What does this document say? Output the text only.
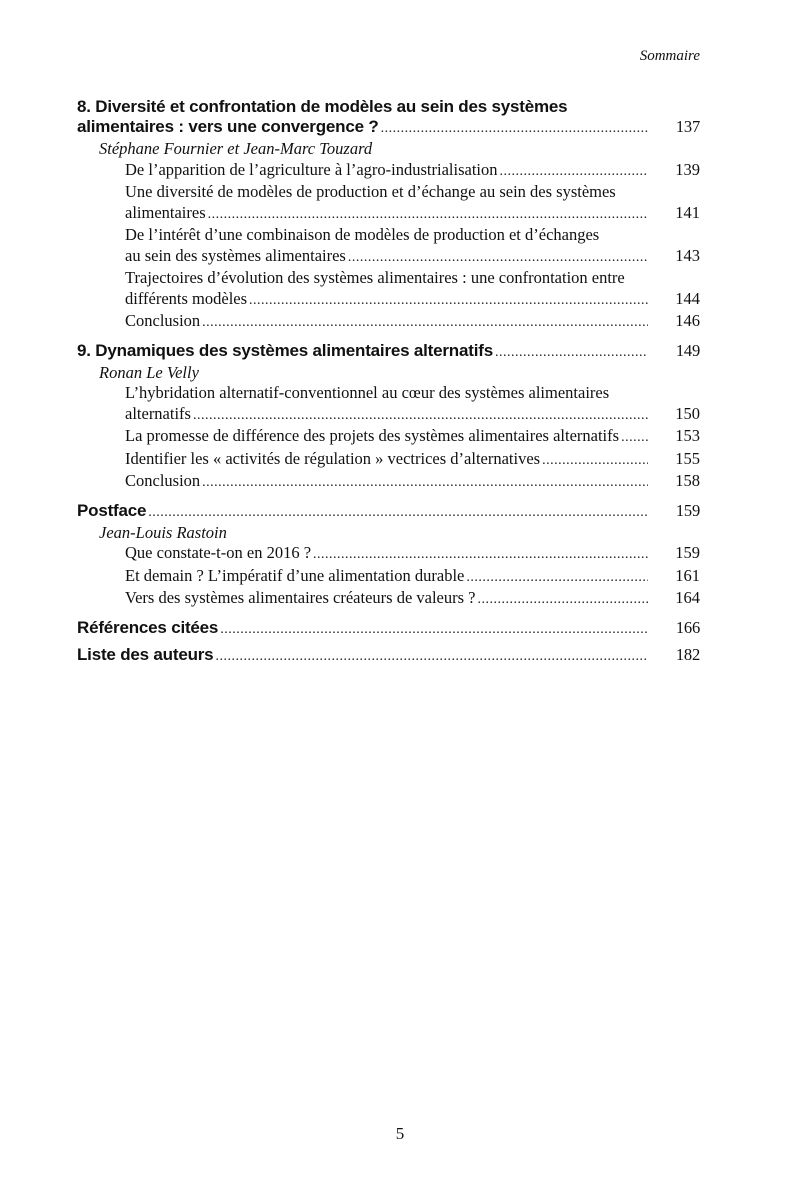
Sommaire
8. Diversité et confrontation de modèles au sein des systèmes
alimentaires : vers une convergence ? .....	137
Stéphane Fournier et Jean-Marc Touzard
De l’apparition de l’agriculture à l’agro-industrialisation .....	139
Une diversité de modèles de production et d’échange au sein des systèmes
alimentaires .....	141
De l’intérêt d’une combinaison de modèles de production et d’échanges
au sein des systèmes alimentaires .....	143
Trajectoires d’évolution des systèmes alimentaires : une confrontation entre
différents modèles .....	144
Conclusion .....	146
9. Dynamiques des systèmes alimentaires alternatifs .....	149
Ronan Le Velly
L’hybridation alternatif-conventionnel au cœur des systèmes alimentaires
alternatifs .....	150
La promesse de différence des projets des systèmes alimentaires alternatifs .....	153
Identifier les « activités de régulation » vectrices d’alternatives .....	155
Conclusion .....	158
Postface .....	159
Jean-Louis Rastoin
Que constate-t-on en 2016 ? .....	159
Et demain ? L’impératif d’une alimentation durable .....	161
Vers des systèmes alimentaires créateurs de valeurs ? .....	164
Références citées .....	166
Liste des auteurs .....	182
5
